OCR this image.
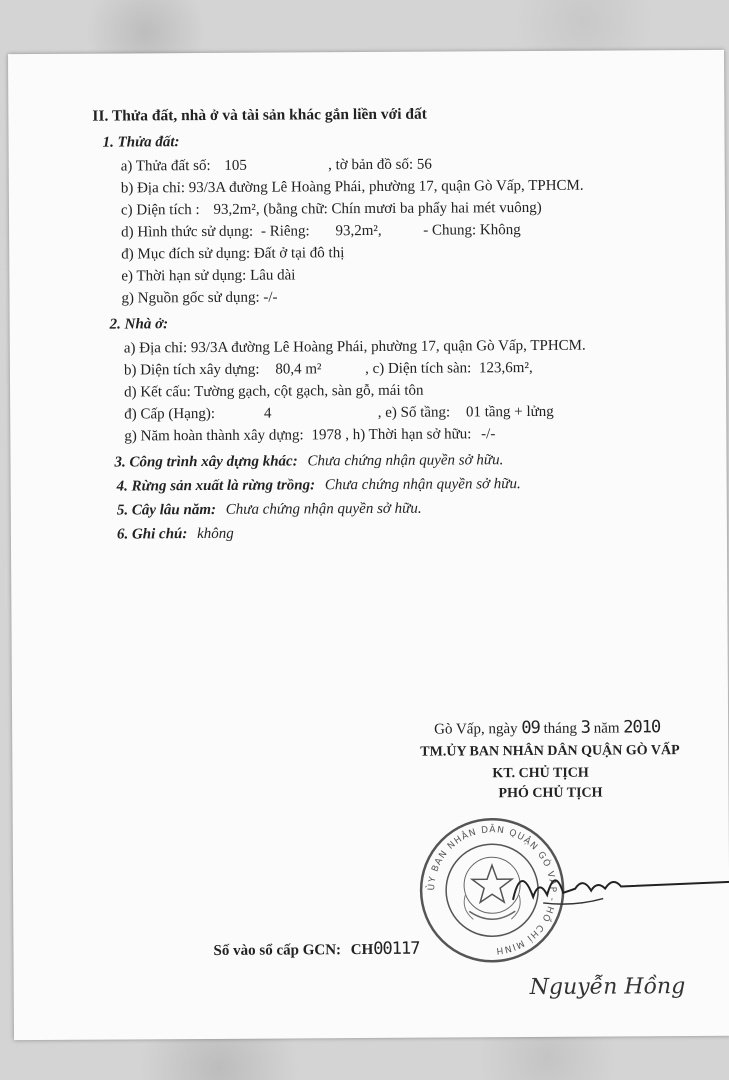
II. Thửa đất, nhà ở và tài sản khác gắn liền với đất
1. Thửa đất:
a) Thửa đất số: 105	, tờ bản đồ số: 56
b) Địa chỉ: 93/3A đường Lê Hoàng Phái, phường 17, quận Gò Vấp, TPHCM.
c) Diện tích : 93,2m², (bằng chữ: Chín mươi ba phẩy hai mét vuông)
d) Hình thức sử dụng: - Riêng: 93,2m²,	- Chung: Không
đ) Mục đích sử dụng: Đất ở tại đô thị
e) Thời hạn sử dụng: Lâu dài
g) Nguồn gốc sử dụng: -/-
2. Nhà ở:
a) Địa chỉ: 93/3A đường Lê Hoàng Phái, phường 17, quận Gò Vấp, TPHCM.
b) Diện tích xây dựng: 80,4 m²	, c) Diện tích sàn: 123,6m²,
d) Kết cấu: Tường gạch, cột gạch, sàn gỗ, mái tôn
đ) Cấp (Hạng):	4	, e) Số tầng: 01 tầng + lửng
g) Năm hoàn thành xây dựng: 1978 , h) Thời hạn sở hữu: -/-
3. Công trình xây dựng khác: Chưa chứng nhận quyền sở hữu.
4. Rừng sản xuất là rừng trồng: Chưa chứng nhận quyền sở hữu.
5. Cây lâu năm: Chưa chứng nhận quyền sở hữu.
6. Ghi chú: không
Gò Vấp, ngày 09 tháng 3 năm 2010
TM.ỦY BAN NHÂN DÂN QUẬN GÒ VẤP
KT. CHỦ TỊCH
PHÓ CHỦ TỊCH
ỦY BAN NHÂN DÂN QUẬN GÒ VẤP - HỒ CHÍ MINH
Nguyễn Hồng
Số vào sổ cấp GCN: CH00117
